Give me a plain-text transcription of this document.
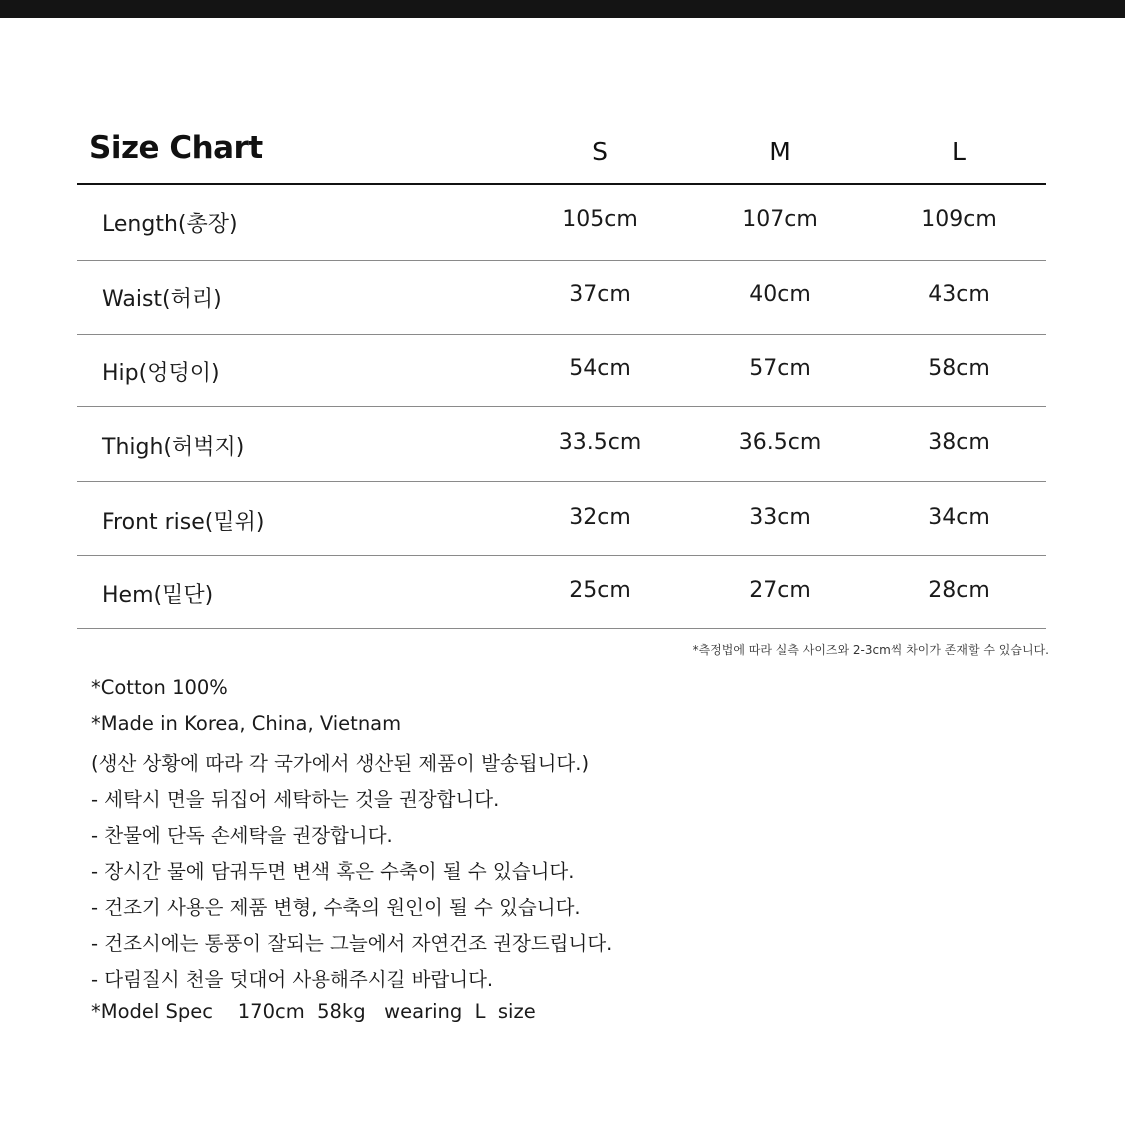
Size Chart	S	M	L
Length(총장)	105cm	107cm	109cm
Waist(허리)	37cm	40cm	43cm
Hip(엉덩이)	54cm	57cm	58cm
Thigh(허벅지)	33.5cm	36.5cm	38cm
Front rise(밑위)	32cm	33cm	34cm
Hem(밑단)	25cm	27cm	28cm
*측정법에 따라 실측 사이즈와 2-3cm씩 차이가 존재할 수 있습니다.
*Cotton 100%
*Made in Korea, China, Vietnam
(생산 상황에 따라 각 국가에서 생산된 제품이 발송됩니다.)
- 세탁시 면을 뒤집어 세탁하는 것을 권장합니다.
- 찬물에 단독 손세탁을 권장합니다.
- 장시간 물에 담궈두면 변색 혹은 수축이 될 수 있습니다.
- 건조기 사용은 제품 변형, 수축의 원인이 될 수 있습니다.
- 건조시에는 통풍이 잘되는 그늘에서 자연건조 권장드립니다.
- 다림질시 천을 덧대어 사용해주시길 바랍니다.
*Model Spec    170cm  58kg   wearing  L  size
